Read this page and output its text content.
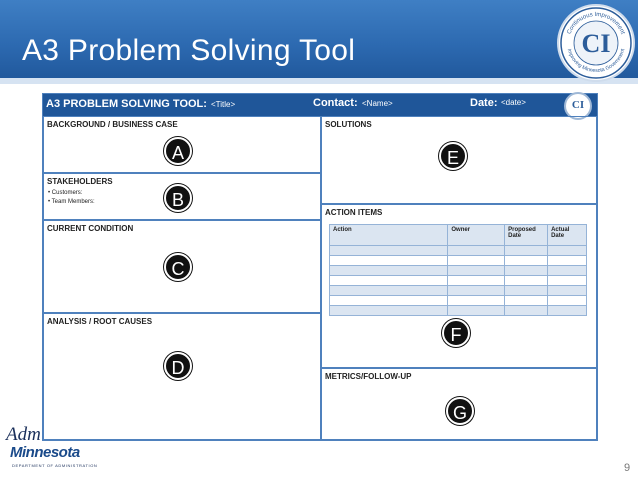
A3 Problem Solving Tool
Continuous Improvement
Improving Minnesota Government
CI
A3 PROBLEM SOLVING TOOL: <Title>	Contact: <Name>	Date: <date>	CI
BACKGROUND / BUSINESS CASE
A
STAKEHOLDERS
• Customers:
• Team Members:	B
CURRENT CONDITION
C
ANALYSIS / ROOT CAUSES
D
SOLUTIONS
E
ACTION ITEMS
Action	Owner	Proposed Date	Actual Date

F
METRICS/FOLLOW-UP
G
Adm
Minnesota
DEPARTMENT OF ADMINISTRATION	9
